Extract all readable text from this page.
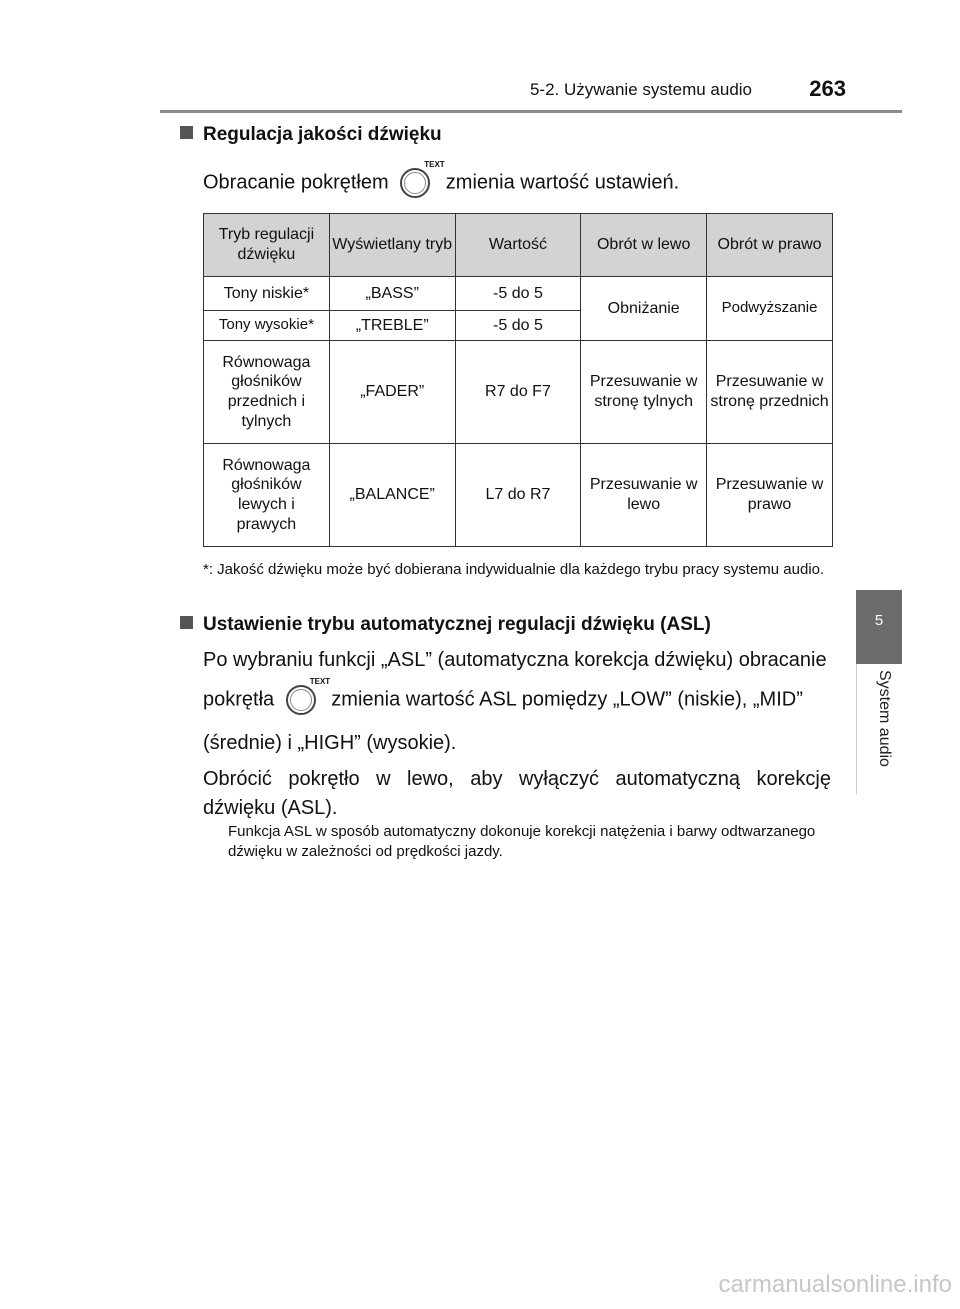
5-2. Używanie systemu audio	263
5
System audio
Regulacja jakości dźwięku
Obracanie pokrętłem
TEXT
zmienia wartość ustawień.
Tryb regulacji dźwięku	Wyświetlany tryb	Wartość	Obrót w lewo	Obrót w prawo
Tony niskie*	„BASS”	-5 do 5	Obniżanie	Podwyższanie
Tony wysokie*	„TREBLE”	-5 do 5		
Równowaga głośników przednich i tylnych	„FADER”	R7 do F7	Przesuwanie w stronę tylnych	Przesuwanie w stronę przednich
Równowaga głośników lewych i prawych	„BALANCE”	L7 do R7	Przesuwanie w lewo	Przesuwanie w prawo
*: Jakość dźwięku może być dobierana indywidualnie dla każdego trybu pracy systemu audio.
Ustawienie trybu automatycznej regulacji dźwięku (ASL)
Po wybraniu funkcji „ASL” (automatyczna korekcja dźwięku) obracanie
pokrętła
TEXT
zmienia wartość ASL pomiędzy „LOW” (niskie), „MID”
(średnie) i „HIGH” (wysokie).
Obrócić pokrętło w lewo, aby wyłączyć automatyczną korekcję dźwięku (ASL).
Funkcja ASL w sposób automatyczny dokonuje korekcji natężenia i barwy odtwarzanego dźwięku w zależności od prędkości jazdy.
carmanualsonline.info
